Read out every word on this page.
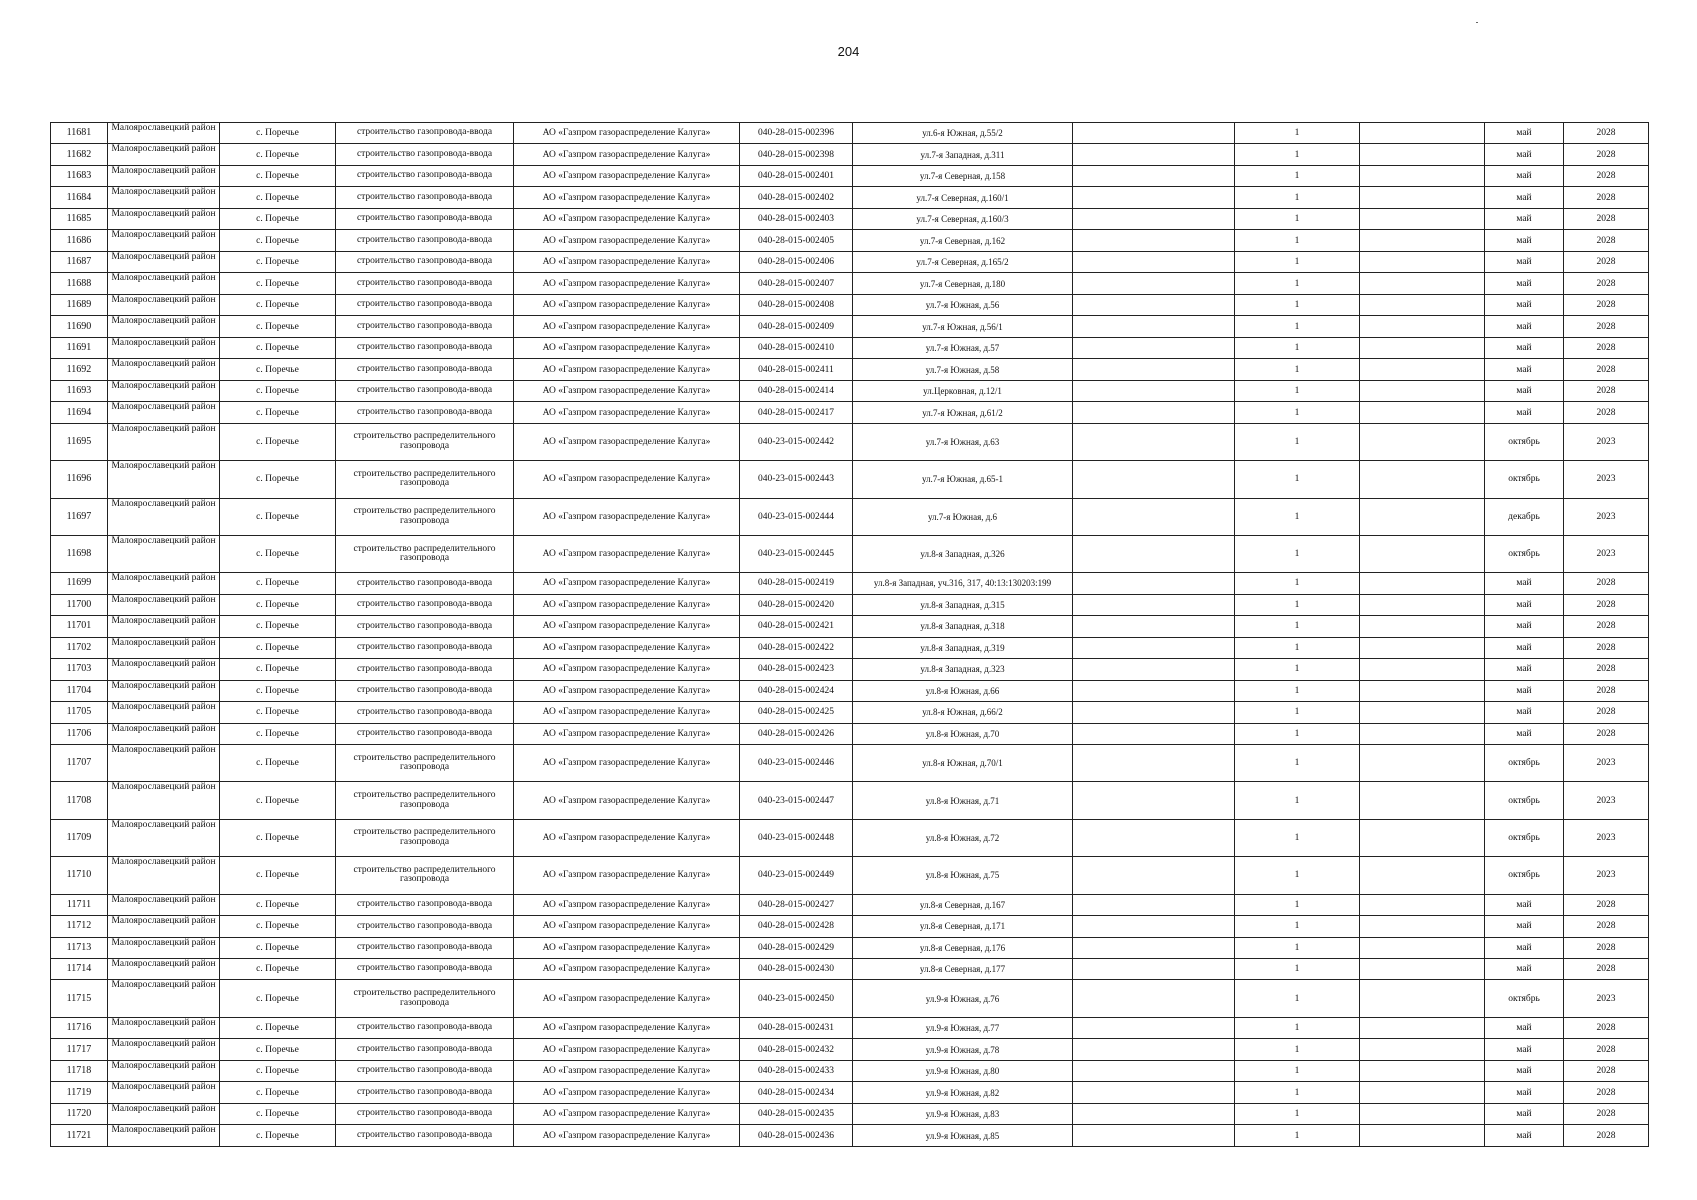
204
11681	Малоярославецкий район	с. Поречье	строительство газопровода-ввода	АО «Газпром газораспределение Калуга»	040-28-015-002396	ул.6-я Южная, д.55/2		1		май	2028
11682	Малоярославецкий район	с. Поречье	строительство газопровода-ввода	АО «Газпром газораспределение Калуга»	040-28-015-002398	ул.7-я Западная, д.311		1		май	2028
11683	Малоярославецкий район	с. Поречье	строительство газопровода-ввода	АО «Газпром газораспределение Калуга»	040-28-015-002401	ул.7-я Северная, д.158		1		май	2028
11684	Малоярославецкий район	с. Поречье	строительство газопровода-ввода	АО «Газпром газораспределение Калуга»	040-28-015-002402	ул.7-я Северная, д.160/1		1		май	2028
11685	Малоярославецкий район	с. Поречье	строительство газопровода-ввода	АО «Газпром газораспределение Калуга»	040-28-015-002403	ул.7-я Северная, д.160/3		1		май	2028
11686	Малоярославецкий район	с. Поречье	строительство газопровода-ввода	АО «Газпром газораспределение Калуга»	040-28-015-002405	ул.7-я Северная, д.162		1		май	2028
11687	Малоярославецкий район	с. Поречье	строительство газопровода-ввода	АО «Газпром газораспределение Калуга»	040-28-015-002406	ул.7-я Северная, д.165/2		1		май	2028
11688	Малоярославецкий район	с. Поречье	строительство газопровода-ввода	АО «Газпром газораспределение Калуга»	040-28-015-002407	ул.7-я Северная, д.180		1		май	2028
11689	Малоярославецкий район	с. Поречье	строительство газопровода-ввода	АО «Газпром газораспределение Калуга»	040-28-015-002408	ул.7-я Южная, д.56		1		май	2028
11690	Малоярославецкий район	с. Поречье	строительство газопровода-ввода	АО «Газпром газораспределение Калуга»	040-28-015-002409	ул.7-я Южная, д.56/1		1		май	2028
11691	Малоярославецкий район	с. Поречье	строительство газопровода-ввода	АО «Газпром газораспределение Калуга»	040-28-015-002410	ул.7-я Южная, д.57		1		май	2028
11692	Малоярославецкий район	с. Поречье	строительство газопровода-ввода	АО «Газпром газораспределение Калуга»	040-28-015-002411	ул.7-я Южная, д.58		1		май	2028
11693	Малоярославецкий район	с. Поречье	строительство газопровода-ввода	АО «Газпром газораспределение Калуга»	040-28-015-002414	ул.Церковная, д.12/1		1		май	2028
11694	Малоярославецкий район	с. Поречье	строительство газопровода-ввода	АО «Газпром газораспределение Калуга»	040-28-015-002417	ул.7-я Южная, д.61/2		1		май	2028
11695	Малоярославецкий район	с. Поречье	строительство распределительного газопровода	АО «Газпром газораспределение Калуга»	040-23-015-002442	ул.7-я Южная, д.63		1		октябрь	2023
11696	Малоярославецкий район	с. Поречье	строительство распределительного газопровода	АО «Газпром газораспределение Калуга»	040-23-015-002443	ул.7-я Южная, д.65-1		1		октябрь	2023
11697	Малоярославецкий район	с. Поречье	строительство распределительного газопровода	АО «Газпром газораспределение Калуга»	040-23-015-002444	ул.7-я Южная, д.6		1		декабрь	2023
11698	Малоярославецкий район	с. Поречье	строительство распределительного газопровода	АО «Газпром газораспределение Калуга»	040-23-015-002445	ул.8-я Западная, д.326		1		октябрь	2023
11699	Малоярославецкий район	с. Поречье	строительство газопровода-ввода	АО «Газпром газораспределение Калуга»	040-28-015-002419	ул.8-я Западная, уч.316, 317, 40:13:130203:199		1		май	2028
11700	Малоярославецкий район	с. Поречье	строительство газопровода-ввода	АО «Газпром газораспределение Калуга»	040-28-015-002420	ул.8-я Западная, д.315		1		май	2028
11701	Малоярославецкий район	с. Поречье	строительство газопровода-ввода	АО «Газпром газораспределение Калуга»	040-28-015-002421	ул.8-я Западная, д.318		1		май	2028
11702	Малоярославецкий район	с. Поречье	строительство газопровода-ввода	АО «Газпром газораспределение Калуга»	040-28-015-002422	ул.8-я Западная, д.319		1		май	2028
11703	Малоярославецкий район	с. Поречье	строительство газопровода-ввода	АО «Газпром газораспределение Калуга»	040-28-015-002423	ул.8-я Западная, д.323		1		май	2028
11704	Малоярославецкий район	с. Поречье	строительство газопровода-ввода	АО «Газпром газораспределение Калуга»	040-28-015-002424	ул.8-я Южная, д.66		1		май	2028
11705	Малоярославецкий район	с. Поречье	строительство газопровода-ввода	АО «Газпром газораспределение Калуга»	040-28-015-002425	ул.8-я Южная, д.66/2		1		май	2028
11706	Малоярославецкий район	с. Поречье	строительство газопровода-ввода	АО «Газпром газораспределение Калуга»	040-28-015-002426	ул.8-я Южная, д.70		1		май	2028
11707	Малоярославецкий район	с. Поречье	строительство распределительного газопровода	АО «Газпром газораспределение Калуга»	040-23-015-002446	ул.8-я Южная, д.70/1		1		октябрь	2023
11708	Малоярославецкий район	с. Поречье	строительство распределительного газопровода	АО «Газпром газораспределение Калуга»	040-23-015-002447	ул.8-я Южная, д.71		1		октябрь	2023
11709	Малоярославецкий район	с. Поречье	строительство распределительного газопровода	АО «Газпром газораспределение Калуга»	040-23-015-002448	ул.8-я Южная, д.72		1		октябрь	2023
11710	Малоярославецкий район	с. Поречье	строительство распределительного газопровода	АО «Газпром газораспределение Калуга»	040-23-015-002449	ул.8-я Южная, д.75		1		октябрь	2023
11711	Малоярославецкий район	с. Поречье	строительство газопровода-ввода	АО «Газпром газораспределение Калуга»	040-28-015-002427	ул.8-я Северная, д.167		1		май	2028
11712	Малоярославецкий район	с. Поречье	строительство газопровода-ввода	АО «Газпром газораспределение Калуга»	040-28-015-002428	ул.8-я Северная, д.171		1		май	2028
11713	Малоярославецкий район	с. Поречье	строительство газопровода-ввода	АО «Газпром газораспределение Калуга»	040-28-015-002429	ул.8-я Северная, д.176		1		май	2028
11714	Малоярославецкий район	с. Поречье	строительство газопровода-ввода	АО «Газпром газораспределение Калуга»	040-28-015-002430	ул.8-я Северная, д.177		1		май	2028
11715	Малоярославецкий район	с. Поречье	строительство распределительного газопровода	АО «Газпром газораспределение Калуга»	040-23-015-002450	ул.9-я Южная, д.76		1		октябрь	2023
11716	Малоярославецкий район	с. Поречье	строительство газопровода-ввода	АО «Газпром газораспределение Калуга»	040-28-015-002431	ул.9-я Южная, д.77		1		май	2028
11717	Малоярославецкий район	с. Поречье	строительство газопровода-ввода	АО «Газпром газораспределение Калуга»	040-28-015-002432	ул.9-я Южная, д.78		1		май	2028
11718	Малоярославецкий район	с. Поречье	строительство газопровода-ввода	АО «Газпром газораспределение Калуга»	040-28-015-002433	ул.9-я Южная, д.80		1		май	2028
11719	Малоярославецкий район	с. Поречье	строительство газопровода-ввода	АО «Газпром газораспределение Калуга»	040-28-015-002434	ул.9-я Южная, д.82		1		май	2028
11720	Малоярославецкий район	с. Поречье	строительство газопровода-ввода	АО «Газпром газораспределение Калуга»	040-28-015-002435	ул.9-я Южная, д.83		1		май	2028
11721	Малоярославецкий район	с. Поречье	строительство газопровода-ввода	АО «Газпром газораспределение Калуга»	040-28-015-002436	ул.9-я Южная, д.85		1		май	2028
